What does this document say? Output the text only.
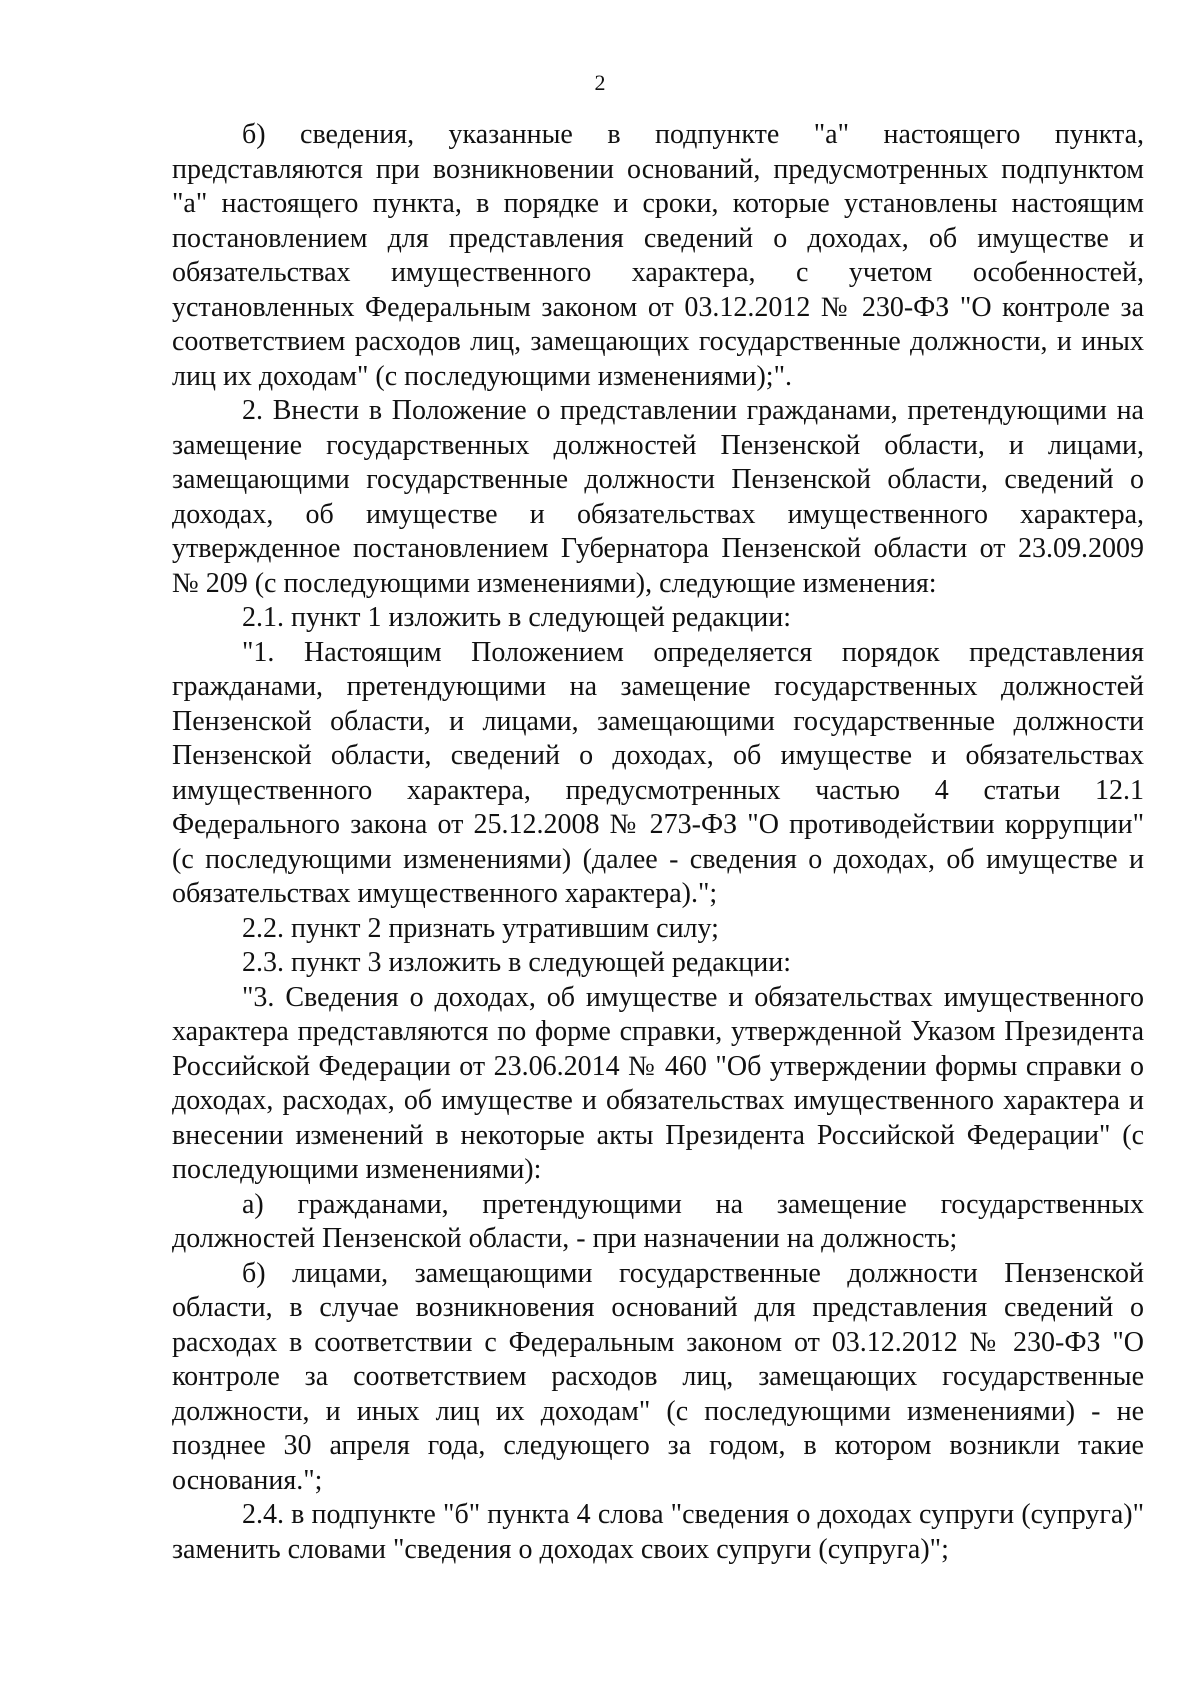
2

б) сведения, указанные в подпункте "а" настоящего пункта, представляются при возникновении оснований, предусмотренных подпунктом "а" настоящего пункта, в порядке и сроки, которые установлены настоящим постановлением для представления сведений о доходах, об имуществе и обязательствах имущественного характера, с учетом особенностей, установленных Федеральным законом от 03.12.2012 № 230-ФЗ "О контроле за соответствием расходов лиц, замещающих государственные должности, и иных лиц их доходам" (с последующими изменениями);".

2. Внести в Положение о представлении гражданами, претендующими на замещение государственных должностей Пензенской области, и лицами, замещающими государственные должности Пензенской области, сведений о доходах, об имуществе и обязательствах имущественного характера, утвержденное постановлением Губернатора Пензенской области от 23.09.2009 № 209 (с последующими изменениями), следующие изменения:

2.1. пункт 1 изложить в следующей редакции:

"1. Настоящим Положением определяется порядок представления гражданами, претендующими на замещение государственных должностей Пензенской области, и лицами, замещающими государственные должности Пензенской области, сведений о доходах, об имуществе и обязательствах имущественного характера, предусмотренных частью 4 статьи 12.1 Федерального закона от 25.12.2008 № 273-ФЗ "О противодействии коррупции" (с последующими изменениями) (далее - сведения о доходах, об имуществе и обязательствах имущественного характера).";

2.2. пункт 2 признать утратившим силу;

2.3. пункт 3 изложить в следующей редакции:

"3. Сведения о доходах, об имуществе и обязательствах имущественного характера представляются по форме справки, утвержденной Указом Президента Российской Федерации от 23.06.2014 № 460 "Об утверждении формы справки о доходах, расходах, об имуществе и обязательствах имущественного характера и внесении изменений в некоторые акты Президента Российской Федерации" (с последующими изменениями):

а) гражданами, претендующими на замещение государственных должностей Пензенской области, - при назначении на должность;

б) лицами, замещающими государственные должности Пензенской области, в случае возникновения оснований для представления сведений о расходах в соответствии с Федеральным законом от 03.12.2012 № 230-ФЗ "О контроле за соответствием расходов лиц, замещающих государственные должности, и иных лиц их доходам" (с последующими изменениями) - не позднее 30 апреля года, следующего за годом, в котором возникли такие основания.";

2.4. в подпункте "б" пункта 4 слова "сведения о доходах супруги (супруга)" заменить словами "сведения о доходах своих супруги (супруга)";
